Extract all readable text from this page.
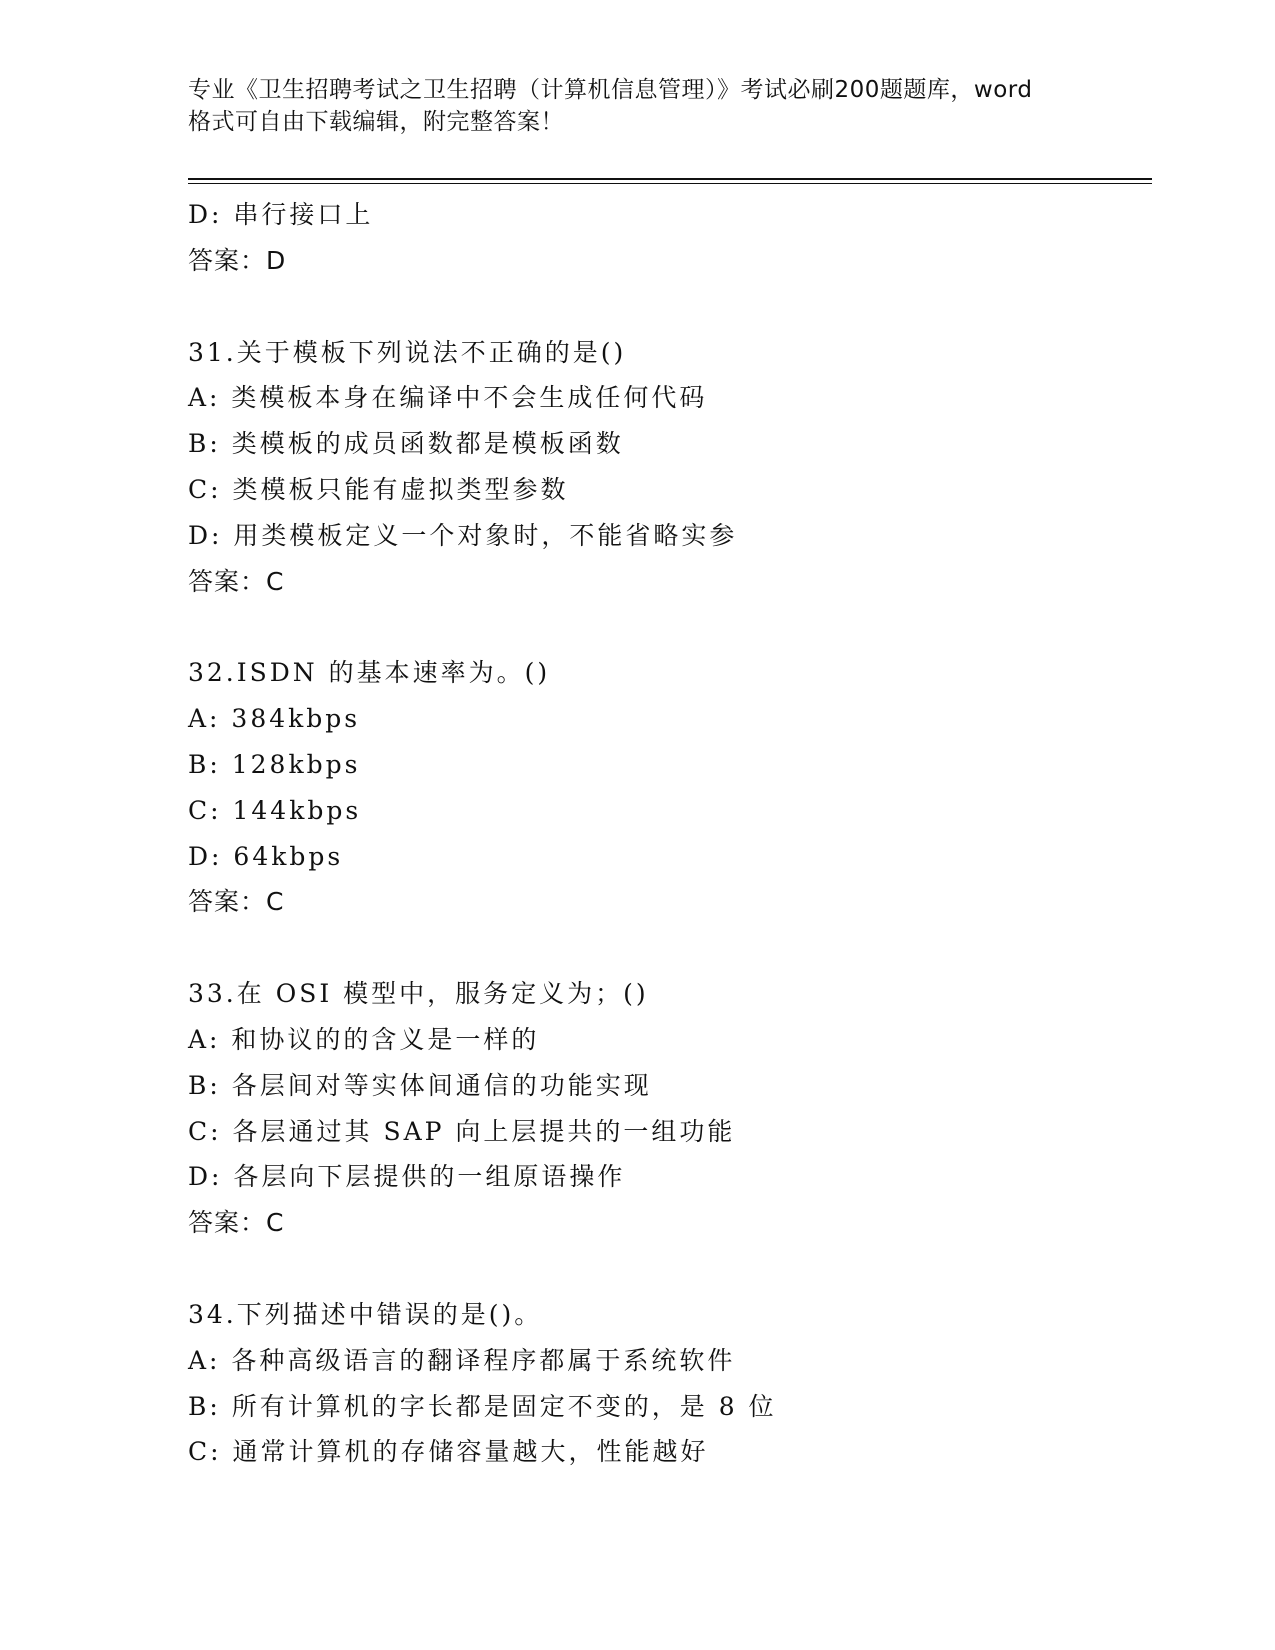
专业《卫生招聘考试之卫生招聘（计算机信息管理）》考试必刷200题题库，word
格式可自由下载编辑，附完整答案！
D: 串行接口上
答案：D
31.关于模板下列说法不正确的是()
A: 类模板本身在编译中不会生成任何代码
B: 类模板的成员函数都是模板函数
C: 类模板只能有虚拟类型参数
D: 用类模板定义一个对象时，不能省略实参
答案：C
32.ISDN 的基本速率为。()
A: 384kbps
B: 128kbps
C: 144kbps
D: 64kbps
答案：C
33.在 OSI 模型中，服务定义为；()
A: 和协议的的含义是一样的
B: 各层间对等实体间通信的功能实现
C: 各层通过其 SAP 向上层提共的一组功能
D: 各层向下层提供的一组原语操作
答案：C
34.下列描述中错误的是()。
A: 各种高级语言的翻译程序都属于系统软件
B: 所有计算机的字长都是固定不变的，是 8 位
C: 通常计算机的存储容量越大，性能越好
